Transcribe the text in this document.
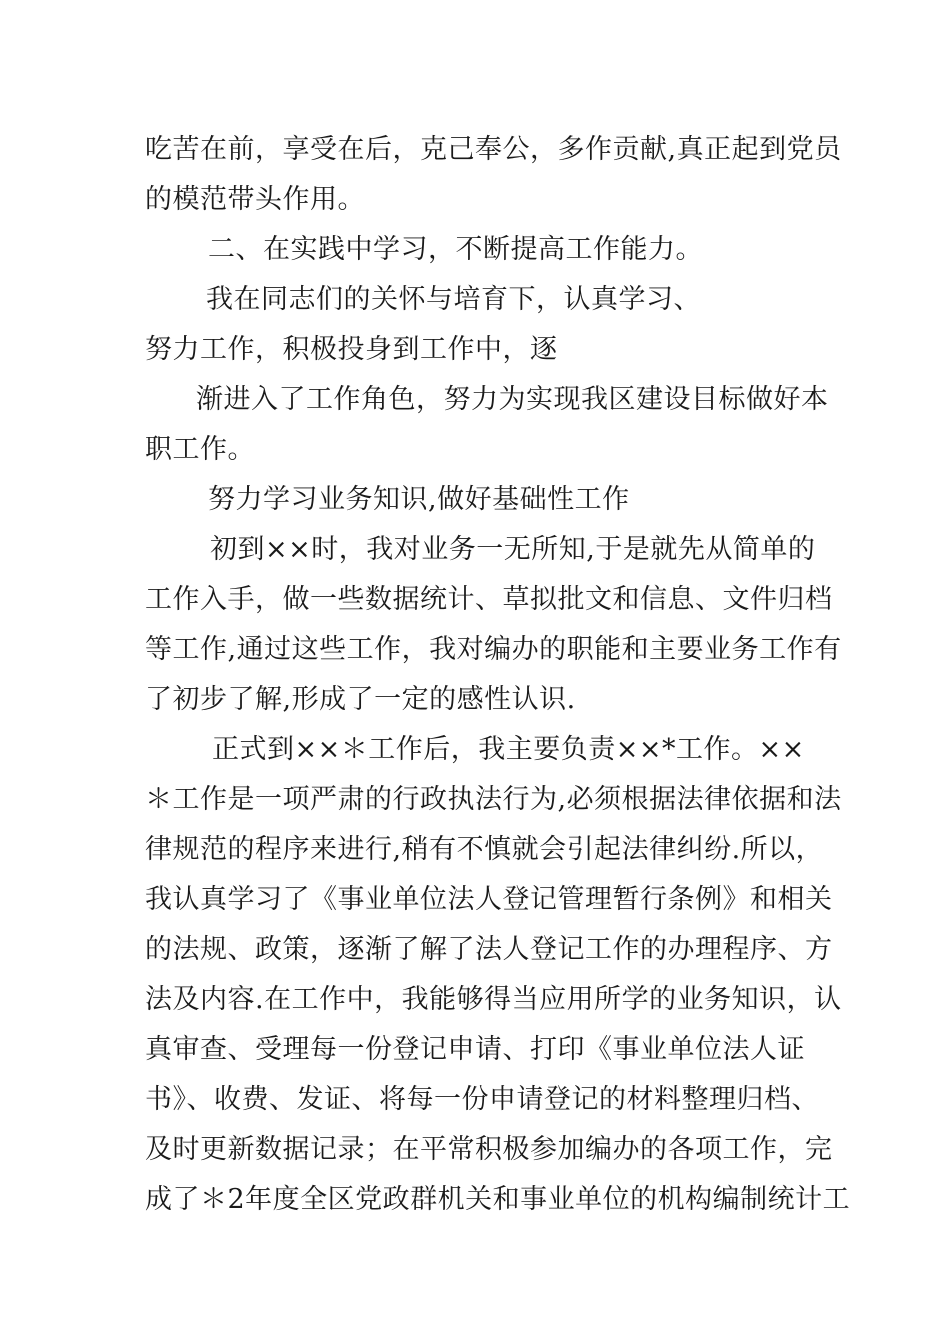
吃苦在前，享受在后，克己奉公，多作贡献,真正起到党员
的模范带头作用。
二、在实践中学习，不断提高工作能力。
我在同志们的关怀与培育下，认真学习、
努力工作，积极投身到工作中，逐
渐进入了工作角色，努力为实现我区建设目标做好本
职工作。
努力学习业务知识,做好基础性工作
初到××时，我对业务一无所知,于是就先从简单的
工作入手，做一些数据统计、草拟批文和信息、文件归档
等工作,通过这些工作，我对编办的职能和主要业务工作有
了初步了解,形成了一定的感性认识.
正式到××＊工作后，我主要负责××*工作。××
＊工作是一项严肃的行政执法行为,必须根据法律依据和法
律规范的程序来进行,稍有不慎就会引起法律纠纷.所以，
我认真学习了《事业单位法人登记管理暂行条例》和相关
的法规、政策，逐渐了解了法人登记工作的办理程序、方
法及内容.在工作中，我能够得当应用所学的业务知识，认
真审查、受理每一份登记申请、打印《事业单位法人证
书》、收费、发证、将每一份申请登记的材料整理归档、
及时更新数据记录；在平常积极参加编办的各项工作，完
成了＊2年度全区党政群机关和事业单位的机构编制统计工
